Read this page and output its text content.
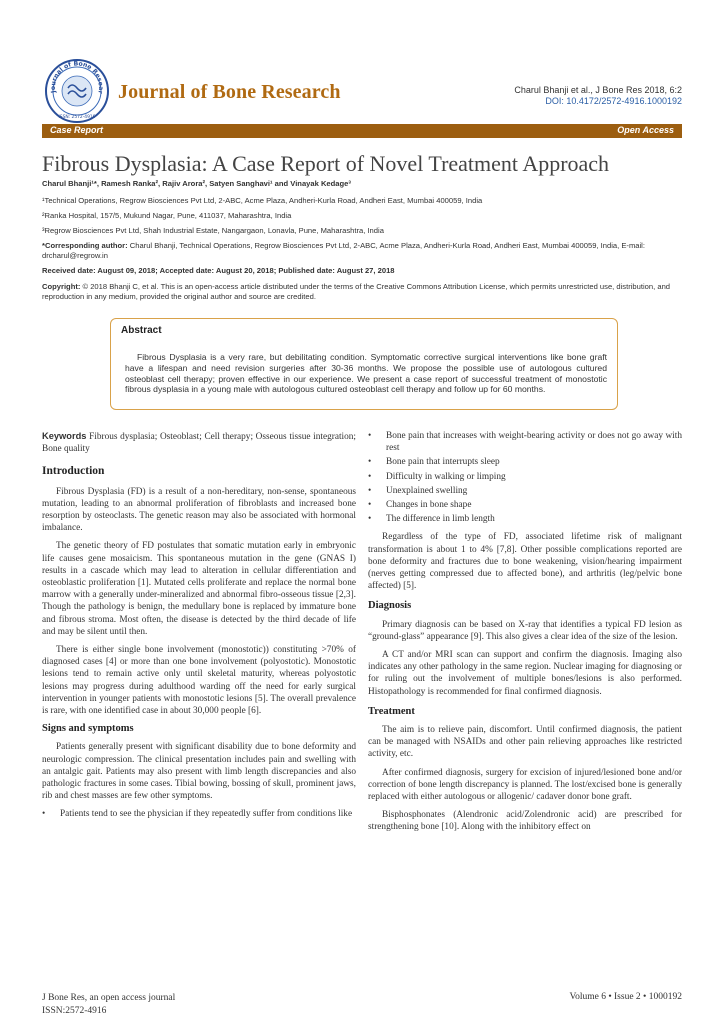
Journal of Bone Resear
ISSN: 2572-4916
Journal of Bone Research	Charul Bhanji et al., J Bone Res 2018, 6:2
DOI: 10.4172/2572-4916.1000192
Case Report	Open Access
Fibrous Dysplasia: A Case Report of Novel Treatment Approach
Charul Bhanji¹*, Ramesh Ranka², Rajiv Arora², Satyen Sanghavi¹ and Vinayak Kedage³
¹Technical Operations, Regrow Biosciences Pvt Ltd, 2-ABC, Acme Plaza, Andheri-Kurla Road, Andheri East, Mumbai 400059, India
²Ranka Hospital, 157/5, Mukund Nagar, Pune, 411037, Maharashtra, India
³Regrow Biosciences Pvt Ltd, Shah Industrial Estate, Nangargaon, Lonavla, Pune, Maharashtra, India
*Corresponding author: Charul Bhanji, Technical Operations, Regrow Biosciences Pvt Ltd, 2-ABC, Acme Plaza, Andheri-Kurla Road, Andheri East, Mumbai 400059, India, E-mail: drcharul@regrow.in
Received date: August 09, 2018; Accepted date: August 20, 2018; Published date: August 27, 2018
Copyright: © 2018 Bhanji C, et al. This is an open-access article distributed under the terms of the Creative Commons Attribution License, which permits unrestricted use, distribution, and reproduction in any medium, provided the original author and source are credited.
Abstract
Fibrous Dysplasia is a very rare, but debilitating condition. Symptomatic corrective surgical interventions like bone graft have a lifespan and need revision surgeries after 30-36 months. We propose the possible use of autologous cultured osteoblast cell therapy; proven effective in our experience. We present a case report of successful treatment of monostotic fibrous dysplasia in a young male with autologous cultured osteoblast cell therapy and follow up for 60 months.

Keywords Fibrous dysplasia; Osteoblast; Cell therapy; Osseous tissue integration; Bone quality

Introduction

Fibrous Dysplasia (FD) is a result of a non-hereditary, non-sense, spontaneous mutation, leading to an abnormal proliferation of fibroblasts and increased bone resorption by osteoclasts. The genetic reason may also be associated with hormonal imbalance.

The genetic theory of FD postulates that somatic mutation early in embryonic life causes gene mosaicism. This spontaneous mutation in the gene (GNAS I) results in a cascade which may lead to alteration in cellular differentiation and osteoblastic proliferation [1]. Mutated cells proliferate and replace the normal bone marrow with a generally under-mineralized and abnormal fibro-osseous tissue [2,3]. Though the pathology is benign, the medullary bone is replaced by immature bone and fibrous stroma. Most often, the disease is detected by the third decade of life and may be silent until then.

There is either single bone involvement (monostotic)) constituting >70% of diagnosed cases [4] or more than one bone involvement (polyostotic). Monostotic lesions tend to remain active only until skeletal maturity, whereas polyostotic lesions may progress during adulthood warding off the need for early surgical intervention in younger patients with monostotic lesions [5]. The overall prevalence is rare, with one identified case in about 30,000 people [6].

Signs and symptoms

Patients generally present with significant disability due to bone deformity and neurologic compression. The clinical presentation includes pain and swelling with an antalgic gait. Patients may also present with limb length discrepancies and also pathologic fractures in some cases. Tibial bowing, bossing of skull, prominent jaws, rib and chest masses are few other symptoms.

• Patients tend to see the physician if they repeatedly suffer from conditions like
• Bone pain that increases with weight-bearing activity or does not go away with rest
• Bone pain that interrupts sleep
• Difficulty in walking or limping
• Unexplained swelling
• Changes in bone shape
• The difference in limb length

Regardless of the type of FD, associated lifetime risk of malignant transformation is about 1 to 4% [7,8]. Other possible complications reported are bone deformity and fractures due to bone weakening, vision/hearing impairment (nerves getting compressed due to affected bone), and arthritis (leg/pelvic bone affected) [5].

Diagnosis

Primary diagnosis can be based on X-ray that identifies a typical FD lesion as “ground-glass” appearance [9]. This also gives a clear idea of the size of the lesion.

A CT and/or MRI scan can support and confirm the diagnosis. Imaging also indicates any other pathology in the same region. Nuclear imaging for diagnosing or for ruling out the involvement of multiple bones/lesions is also performed. Histopathology is recommended for final confirmed diagnosis.

Treatment

The aim is to relieve pain, discomfort. Until confirmed diagnosis, the patient can be managed with NSAIDs and other pain relieving approaches like restricted activity, etc.

After confirmed diagnosis, surgery for excision of injured/lesioned bone and/or correction of bone length discrepancy is planned. The lost/excised bone is generally replaced with either autologous or allogenic/ cadaver donor bone graft.

Bisphosphonates (Alendronic acid/Zolendronic acid) are prescribed for strengthening bone [10]. Along with the inhibitory effect on

J Bone Res, an open access journal
ISSN:2572-4916
Volume 6 • Issue 2 • 1000192
